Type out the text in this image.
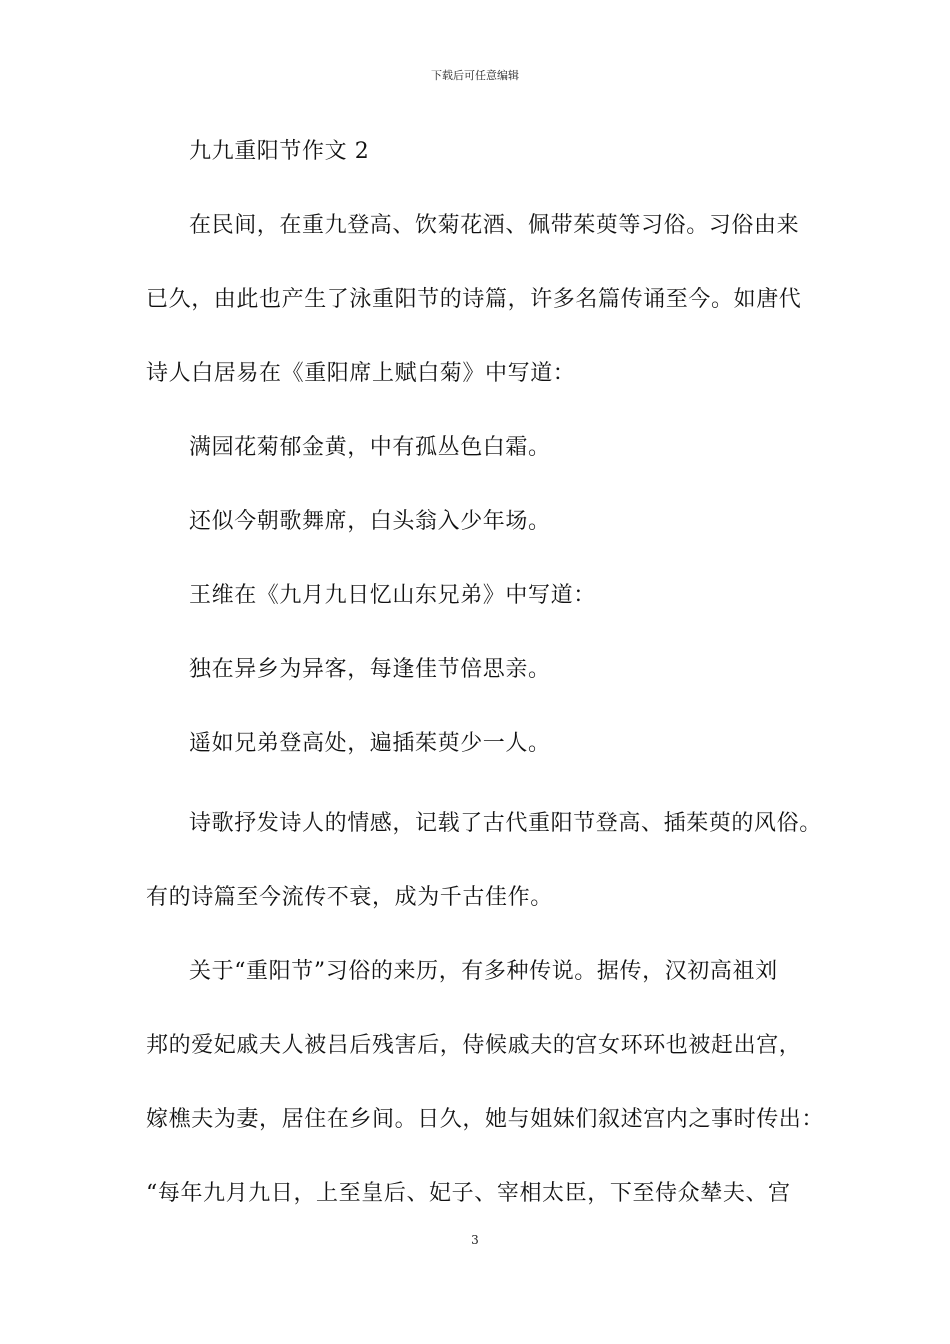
下载后可任意编辑
九九重阳节作文 2
在民间，在重九登高、饮菊花酒、佩带茱萸等习俗。习俗由来
已久，由此也产生了泳重阳节的诗篇，许多名篇传诵至今。如唐代
诗人白居易在《重阳席上赋白菊》中写道：
满园花菊郁金黄，中有孤丛色白霜。
还似今朝歌舞席，白头翁入少年场。
王维在《九月九日忆山东兄弟》中写道：
独在异乡为异客，每逢佳节倍思亲。
遥如兄弟登高处，遍插茱萸少一人。
诗歌抒发诗人的情感，记载了古代重阳节登高、插茱萸的风俗。
有的诗篇至今流传不衰，成为千古佳作。
关于“重阳节”习俗的来历，有多种传说。据传，汉初高祖刘
邦的爱妃戚夫人被吕后残害后，侍候戚夫的宫女环环也被赶出宫，
嫁樵夫为妻，居住在乡间。日久，她与姐妹们叙述宫内之事时传出：
“每年九月九日，上至皇后、妃子、宰相太臣，下至侍众辇夫、宫
3
